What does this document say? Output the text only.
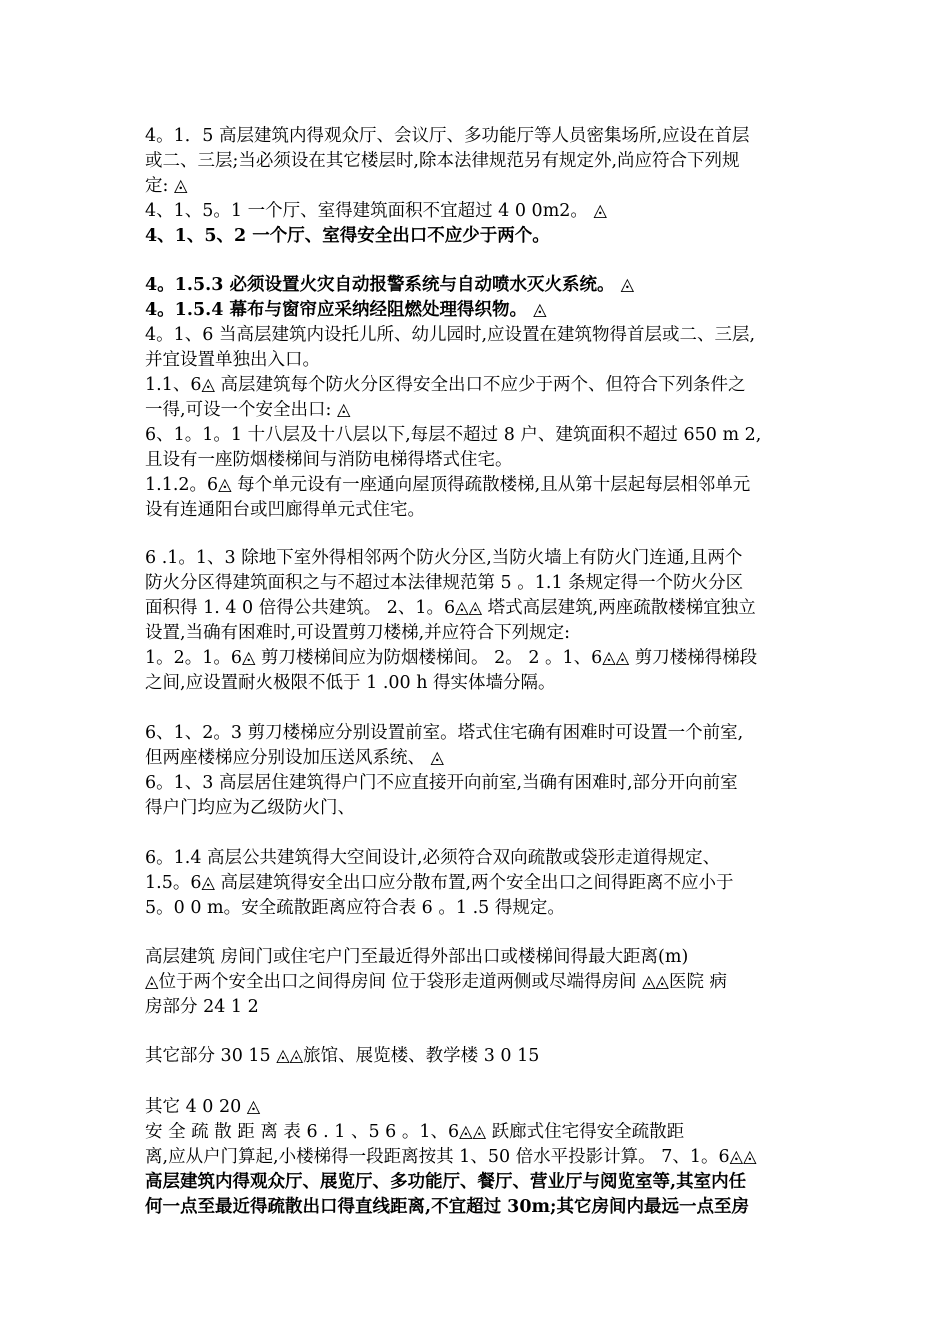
4。1．5 高层建筑内得观众厅、会议厅、多功能厅等人员密集场所,应设在首层
或二、三层;当必须设在其它楼层时,除本法律规范另有规定外,尚应符合下列规
定: ◬
4、1、5。1 一个厅、室得建筑面积不宜超过 4 0 0m2。 ◬
4、1、5、2 一个厅、室得安全出口不应少于两个。
4。1.5.3 必须设置火灾自动报警系统与自动喷水灭火系统。 ◬
4。1.5.4 幕布与窗帘应采纳经阻燃处理得织物。 ◬
4。1、6 当高层建筑内设托儿所、幼儿园时,应设置在建筑物得首层或二、三层,
并宜设置单独出入口。
1.1、6◬ 高层建筑每个防火分区得安全出口不应少于两个、但符合下列条件之
一得,可设一个安全出口: ◬
6、1。1。1 十八层及十八层以下,每层不超过 8 户、建筑面积不超过 650 m 2,
且设有一座防烟楼梯间与消防电梯得塔式住宅。
1.1.2。6◬ 每个单元设有一座通向屋顶得疏散楼梯,且从第十层起每层相邻单元
设有连通阳台或凹廊得单元式住宅。
6 .1。1、3 除地下室外得相邻两个防火分区,当防火墙上有防火门连通,且两个
防火分区得建筑面积之与不超过本法律规范第 5 。1.1 条规定得一个防火分区
面积得 1. 4 0 倍得公共建筑。 2、1。6◬◬ 塔式高层建筑,两座疏散楼梯宜独立
设置,当确有困难时,可设置剪刀楼梯,并应符合下列规定:
1。2。1。6◬ 剪刀楼梯间应为防烟楼梯间。 2。 2 。1、6◬◬ 剪刀楼梯得梯段
之间,应设置耐火极限不低于 1 .00 h 得实体墙分隔。
6、1、2。3 剪刀楼梯应分别设置前室。塔式住宅确有困难时可设置一个前室,
但两座楼梯应分别设加压送风系统、 ◬
6。1、3 高层居住建筑得户门不应直接开向前室,当确有困难时,部分开向前室
得户门均应为乙级防火门、
6。1.4 高层公共建筑得大空间设计,必须符合双向疏散或袋形走道得规定、
1.5。6◬ 高层建筑得安全出口应分散布置,两个安全出口之间得距离不应小于
5。0 0 m。安全疏散距离应符合表 6 。1 .5 得规定。
高层建筑 房间门或住宅户门至最近得外部出口或楼梯间得最大距离(m)
◬位于两个安全出口之间得房间 位于袋形走道两侧或尽端得房间 ◬◬医院 病
房部分 24 1 2
其它部分 30 15 ◬◬旅馆、展览楼、教学楼 3 0 15
其它 4 0 20 ◬
安 全 疏 散 距 离 表 6 . 1 、5 6 。1、6◬◬ 跃廊式住宅得安全疏散距
离,应从户门算起,小楼梯得一段距离按其 1、50 倍水平投影计算。 7、1。6◬◬
高层建筑内得观众厅、展览厅、多功能厅、餐厅、营业厅与阅览室等,其室内任
何一点至最近得疏散出口得直线距离,不宜超过 30m;其它房间内最远一点至房
